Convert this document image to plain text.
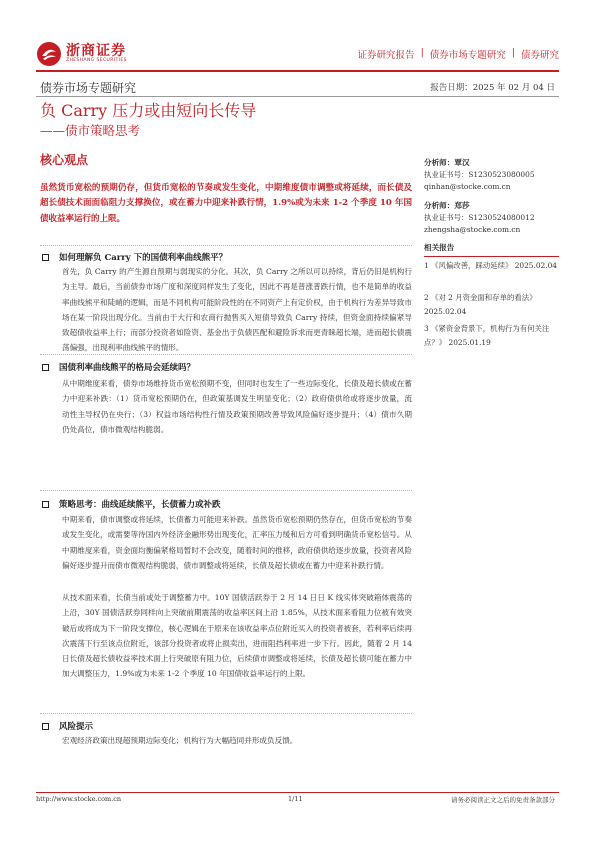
浙商证券
ZHESHANG SECURITIES	证券研究报告 | 债券市场专题研究 | 债券研究
债券市场专题研究	报告日期：2025 年 02 月 04 日
负 Carry 压力或由短向长传导
——债市策略思考
核心观点
虽然货币宽松的预期仍存，但货币宽松的节奏或发生变化，中期维度债市调整或将延续，而长债及超长债技术面面临阻力支撑换位，或在蓄力中迎来补跌行情，1.9%或为未来 1-2 个季度 10 年国债收益率运行的上限。
如何理解负 Carry 下的国债利率曲线熊平？
首先，负 Carry 的产生源自预期与弱现实的分化。其次，负 Carry 之所以可以持续，背后仍旧是机构行为主导。最后，当前债券市场广度和深度同样发生了变化，因此不再是普涨普跌行情，也不是简单的收益率曲线熊平和陡峭的逻辑，而是不同机构可能阶段性的在不同资产上有定价权，由于机构行为差异导致市场在某一阶段出现分化。当前由于大行和农商行抛售买入短债导致负 Carry 持续，但资金面持续偏紧导致超债收益率上行；而部分投资者如险资、基金出于负债匹配和避险诉求而更青睐超长端，进而超长债震荡偏强，出现利率曲线熊平的情形。
国债利率曲线熊平的格局会延续吗？
从中期维度来看，债券市场维持货币宽松预期不变，但同时也发生了一些边际变化，长债及超长债或在蓄力中迎来补跌：（1）货币宽松预期仍在，但政策基调发生明显变化；（2）政府债供给或将逐步放量，流动性主导权仍在央行；（3）权益市场结构性行情及政策预期改善导致风险偏好逐步提升；（4）债市久期仍处高位，债市微观结构脆弱。
策略思考：曲线延续熊平，长债蓄力或补跌
中期来看，债市调整或将延续，长债蓄力可能迎来补跌。虽然货币宽松预期仍然存在，但货币宽松的节奏或发生变化，或需要等待国内外经济金融形势出现变化，汇率压力缓和后方可看到明确货币宽松信号。从中期维度来看，资金面均衡偏紧格局暂时不会改变，随着时间的推移，政府债供给逐步放量，投资者风险偏好逐步提升而债市微观结构脆弱，债市调整或将延续，长债及超长债或在蓄力中迎来补跌行情。
从技术面来看，长债当前或处于调整蓄力中。10Y 国债活跃券于 2 月 14 日日 K 线实体突破箱体震荡的上沿，30Y 国债活跃券同样向上突破前期震荡的收益率区间上沿 1.85%，从技术面来看阻力位被有效突破后或将成为下一阶段支撑位，核心逻辑在于原来在该收益率点位附近买入的投资者被套，若利率后续再次震荡下行至该点位附近，该部分投资者或将止损卖出，进而阻挡利率进一步下行。因此，随着 2 月 14 日长债及超长债收益率技术面上行突破原有阻力位，后续债市调整或将延续，长债及超长债可能在蓄力中加大调整压力，1.9%或为未来 1-2 个季度 10 年国债收益率运行的上限。
风险提示
宏观经济政策出现超预期边际变化；机构行为大幅趋同并形成负反馈。
分析师：覃汉
执业证书号：S1230523080005
qinhan@stocke.com.cn
分析师：郑莎
执业证书号：S1230524080012
zhengsha@stocke.com.cn
相关报告
1 《风偏改善，踩动延续》 2025.02.04
2 《对 2 月资金面和存单的看法》 2025.02.04
3 《紧资金背景下，机构行为有何关注点？》 2025.01.19
http://www.stocke.com.cn	1/11	请务必阅读正文之后的免责条款部分
